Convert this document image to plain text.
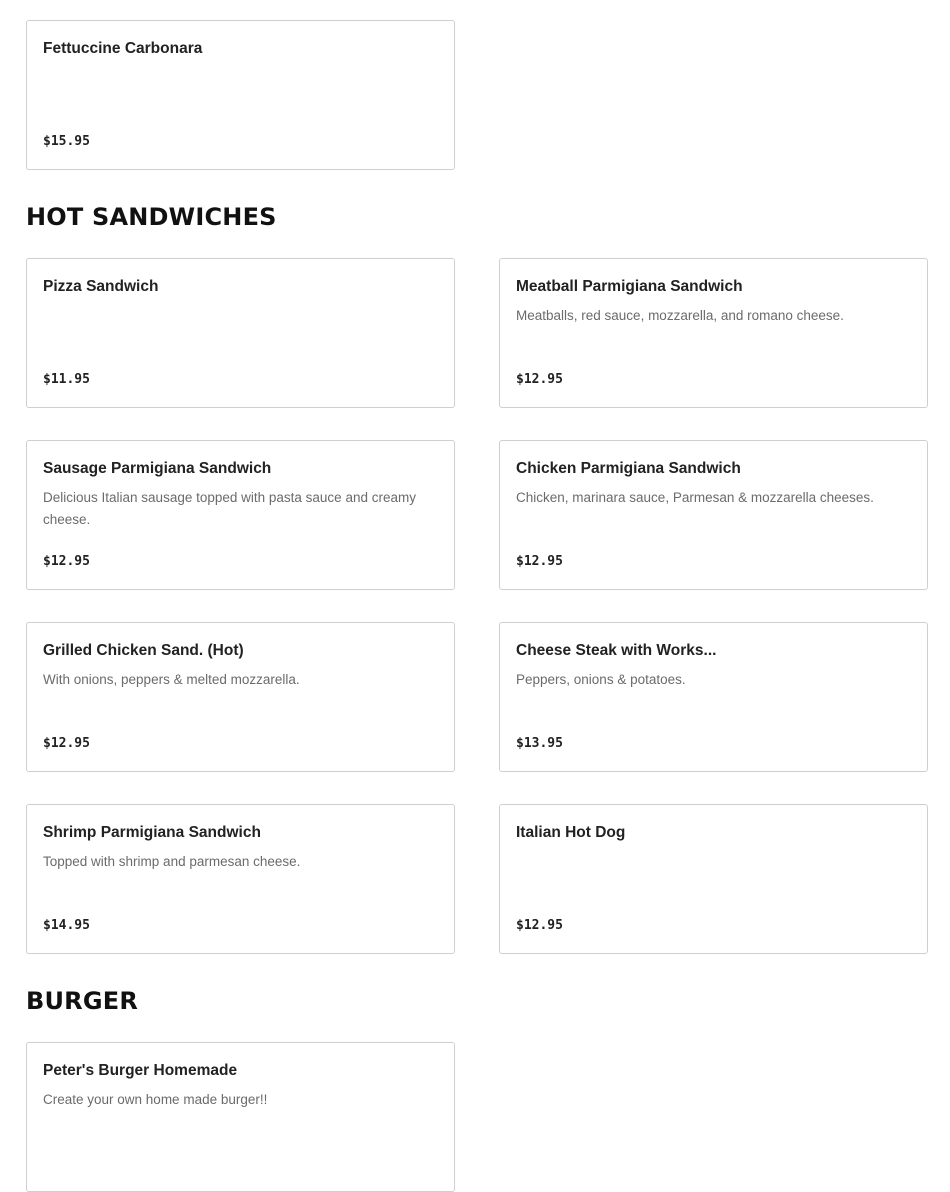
Fettuccine Carbonara
$15.95
HOT SANDWICHES
Pizza Sandwich
$11.95
Meatball Parmigiana Sandwich
Meatballs, red sauce, mozzarella, and romano cheese.
$12.95
Sausage Parmigiana Sandwich
Delicious Italian sausage topped with pasta sauce and creamy cheese.
$12.95
Chicken Parmigiana Sandwich
Chicken, marinara sauce, Parmesan & mozzarella cheeses.
$12.95
Grilled Chicken Sand. (Hot)
With onions, peppers & melted mozzarella.
$12.95
Cheese Steak with Works...
Peppers, onions & potatoes.
$13.95
Shrimp Parmigiana Sandwich
Topped with shrimp and parmesan cheese.
$14.95
Italian Hot Dog
$12.95
BURGER
Peter's Burger Homemade
Create your own home made burger!!
